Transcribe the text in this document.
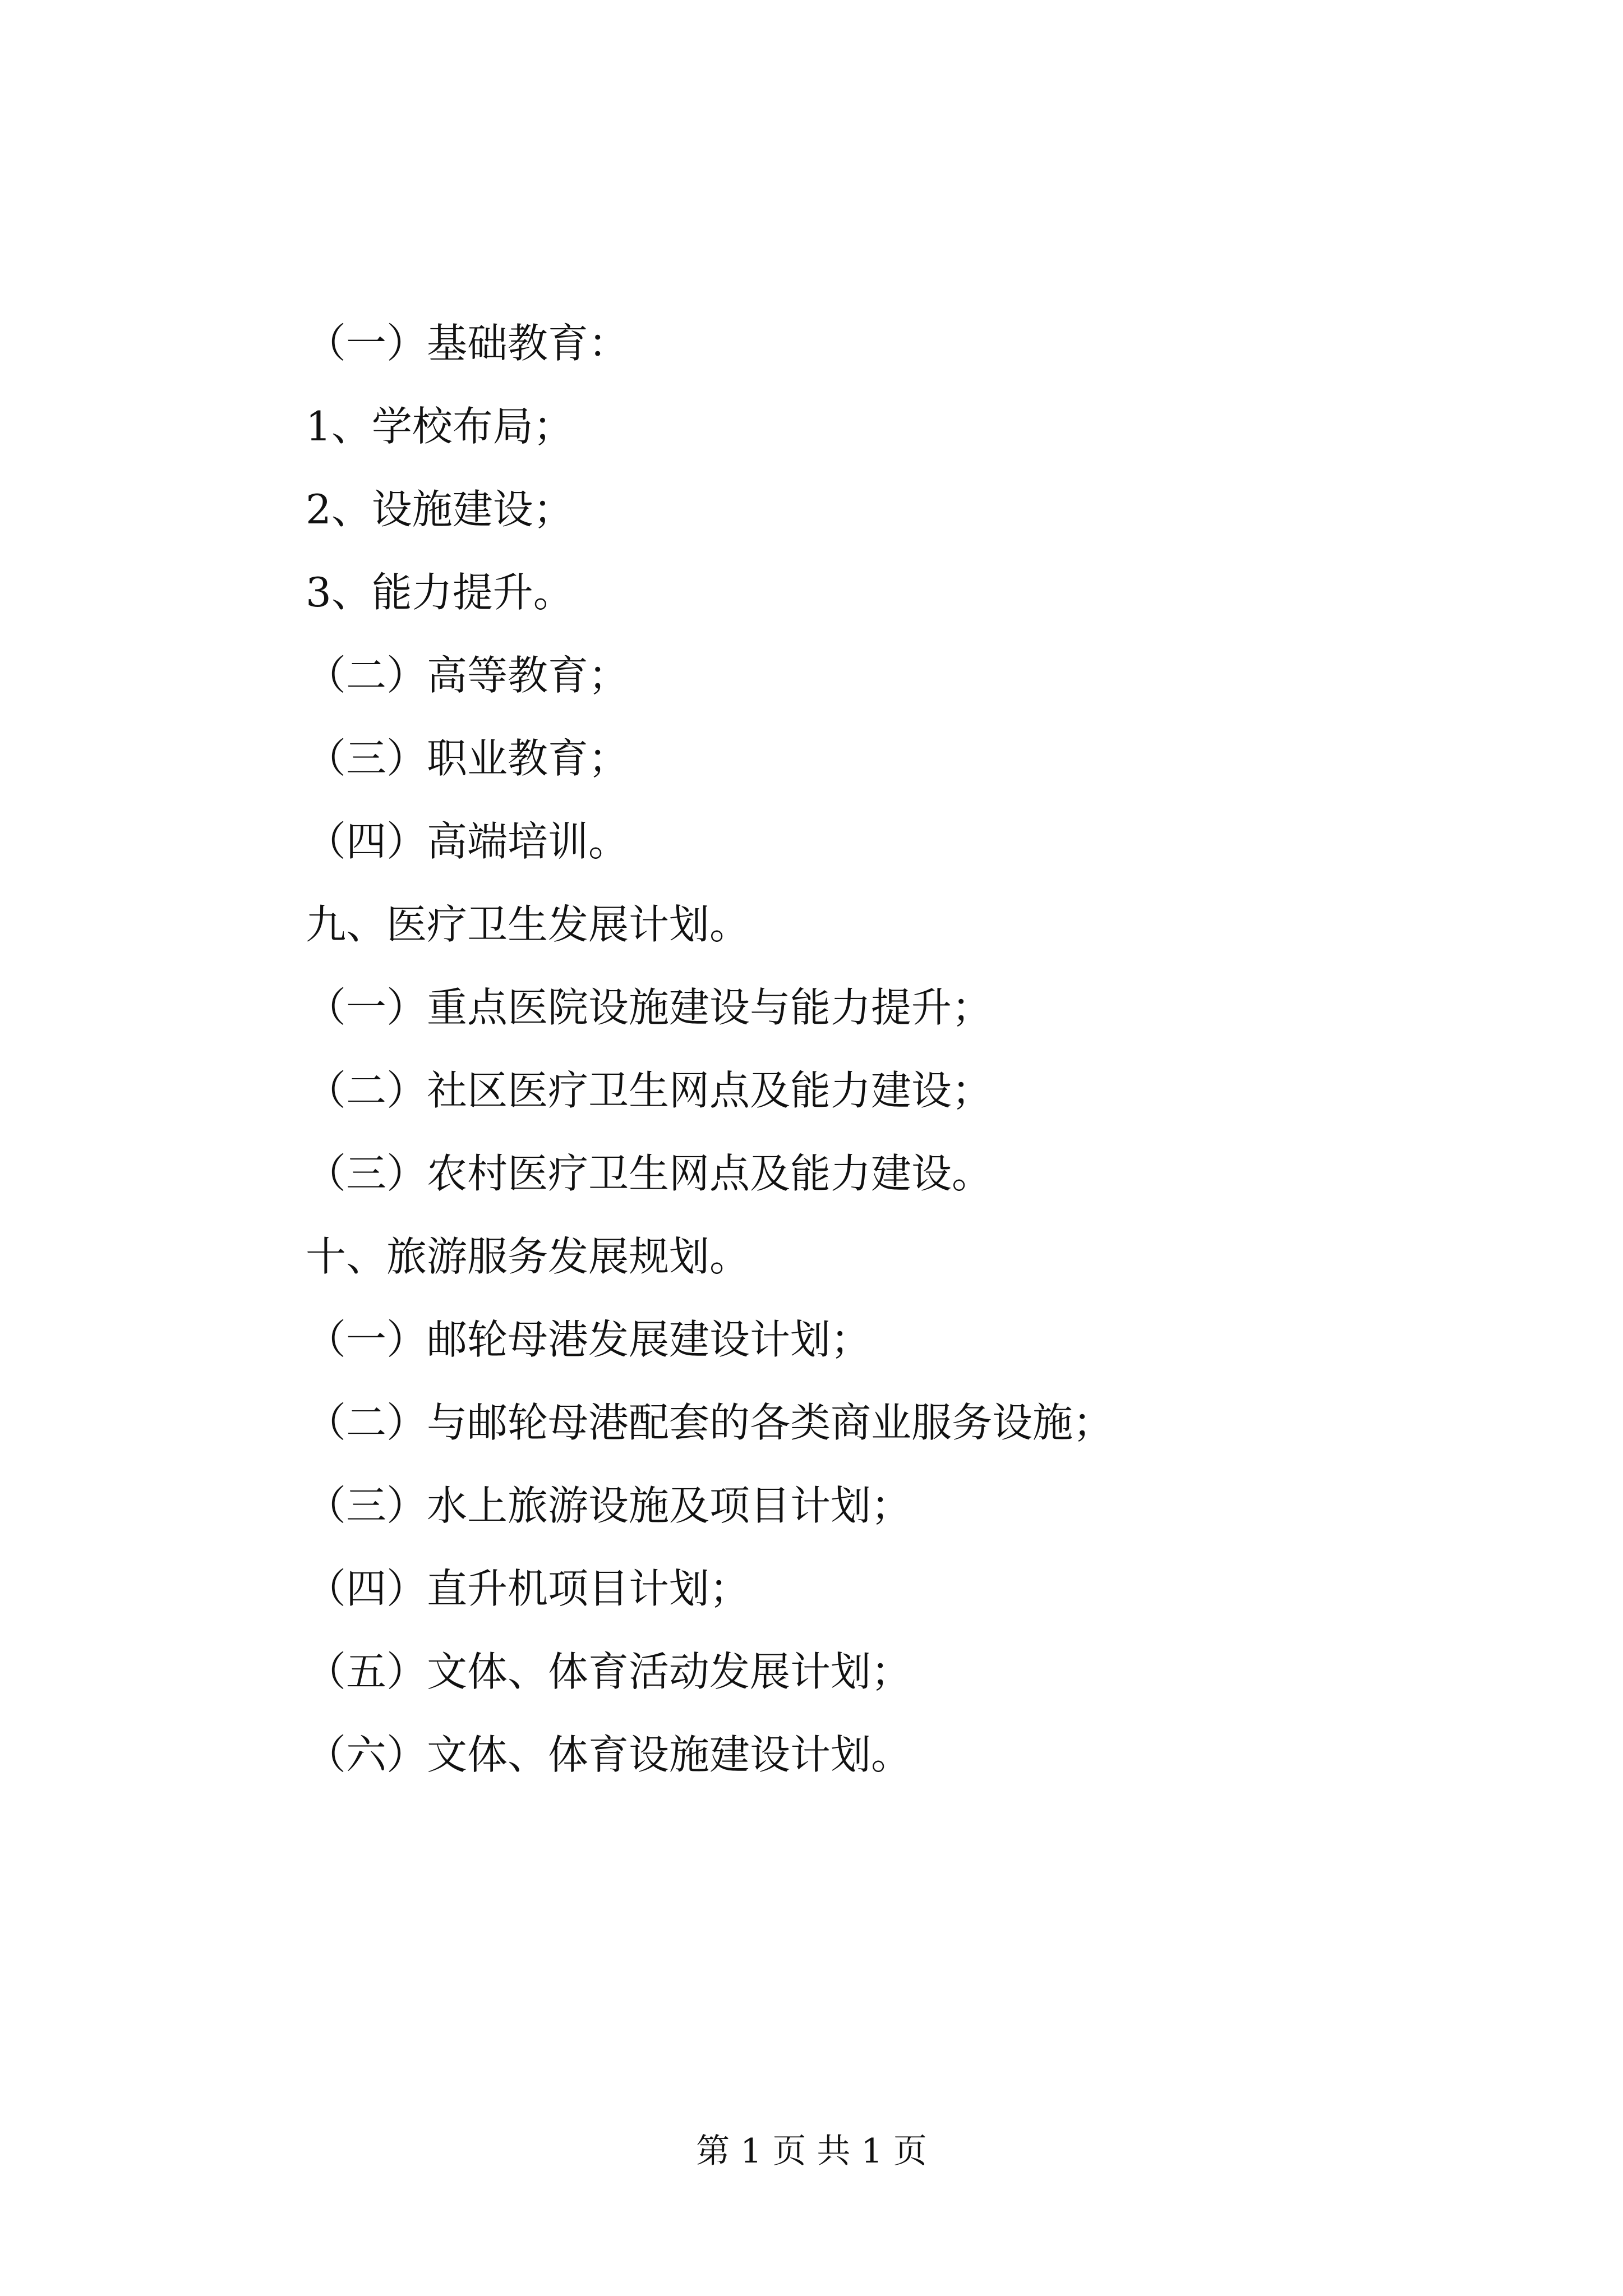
（一）基础教育：
1、学校布局；
2、设施建设；
3、能力提升。
（二）高等教育；
（三）职业教育；
（四）高端培训。
九、医疗卫生发展计划。
（一）重点医院设施建设与能力提升；
（二）社区医疗卫生网点及能力建设；
（三）农村医疗卫生网点及能力建设。
十、旅游服务发展规划。
（一）邮轮母港发展建设计划；
（二）与邮轮母港配套的各类商业服务设施；
（三）水上旅游设施及项目计划；
（四）直升机项目计划；
（五）文体、体育活动发展计划；
（六）文体、体育设施建设计划。
第 1 页 共 1 页
